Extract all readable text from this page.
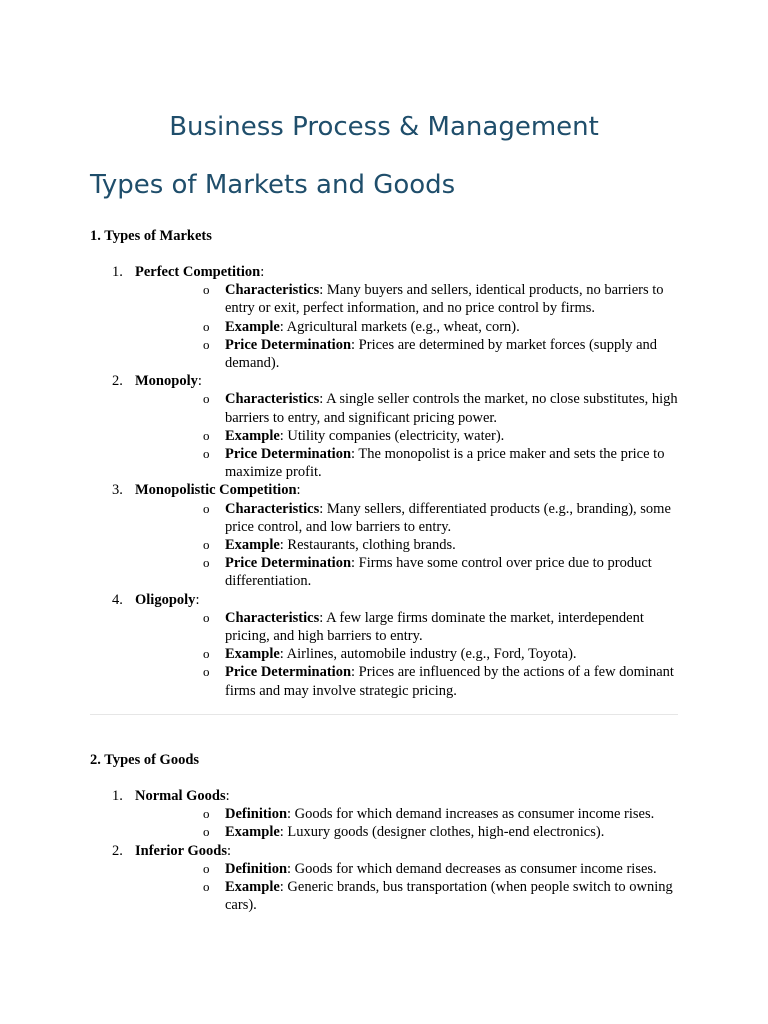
Business Process & Management
Types of Markets and Goods

1. Types of Markets

1. Perfect Competition:
o Characteristics: Many buyers and sellers, identical products, no barriers to entry or exit, perfect information, and no price control by firms.
o Example: Agricultural markets (e.g., wheat, corn).
o Price Determination: Prices are determined by market forces (supply and demand).
2. Monopoly:
o Characteristics: A single seller controls the market, no close substitutes, high barriers to entry, and significant pricing power.
o Example: Utility companies (electricity, water).
o Price Determination: The monopolist is a price maker and sets the price to maximize profit.
3. Monopolistic Competition:
o Characteristics: Many sellers, differentiated products (e.g., branding), some price control, and low barriers to entry.
o Example: Restaurants, clothing brands.
o Price Determination: Firms have some control over price due to product differentiation.
4. Oligopoly:
o Characteristics: A few large firms dominate the market, interdependent pricing, and high barriers to entry.
o Example: Airlines, automobile industry (e.g., Ford, Toyota).
o Price Determination: Prices are influenced by the actions of a few dominant firms and may involve strategic pricing.

2. Types of Goods

1. Normal Goods:
o Definition: Goods for which demand increases as consumer income rises.
o Example: Luxury goods (designer clothes, high-end electronics).
2. Inferior Goods:
o Definition: Goods for which demand decreases as consumer income rises.
o Example: Generic brands, bus transportation (when people switch to owning cars).
